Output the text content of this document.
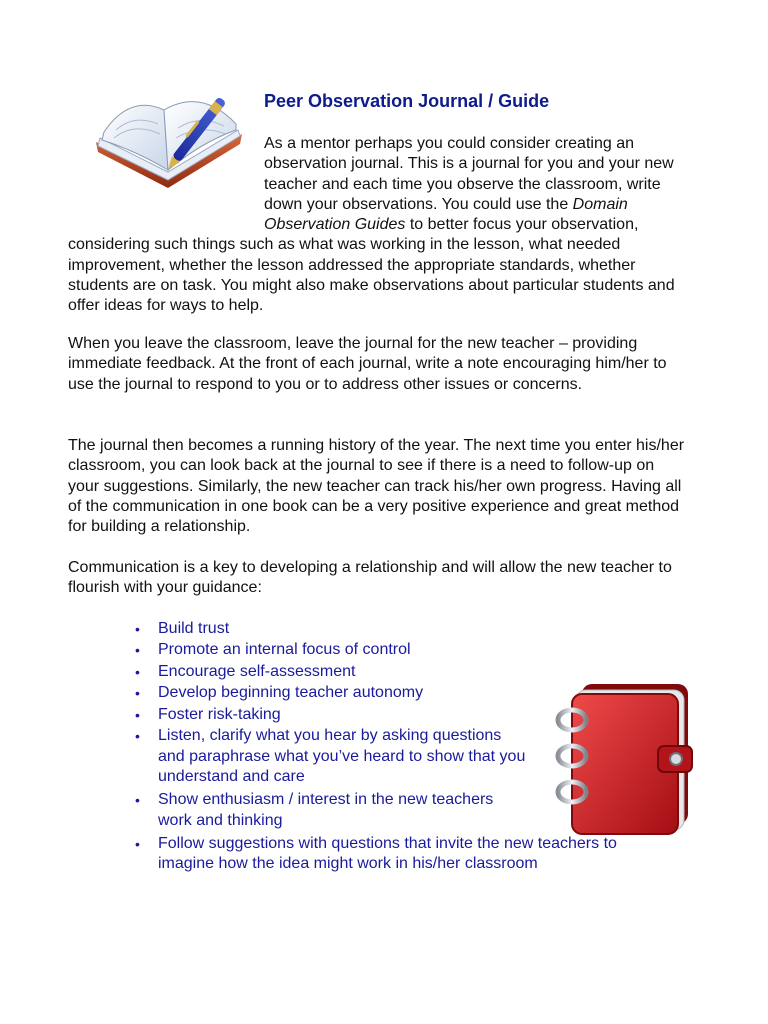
Peer Observation Journal / Guide

As a mentor perhaps you could consider creating an observation journal. This is a journal for you and your new teacher and each time you observe the classroom, write down your observations. You could use the Domain Observation Guides to better focus your observation, considering such things such as what was working in the lesson, what needed improvement, whether the lesson addressed the appropriate standards, whether students are on task. You might also make observations about particular students and offer ideas for ways to help.

When you leave the classroom, leave the journal for the new teacher – providing immediate feedback. At the front of each journal, write a note encouraging him/her to use the journal to respond to you or to address other issues or concerns.

The journal then becomes a running history of the year. The next time you enter his/her classroom, you can look back at the journal to see if there is a need to follow-up on your suggestions. Similarly, the new teacher can track his/her own progress. Having all of the communication in one book can be a very positive experience and great method for building a relationship.

Communication is a key to developing a relationship and will allow the new teacher to flourish with your guidance:

• Build trust
• Promote an internal focus of control
• Encourage self-assessment
• Develop beginning teacher autonomy
• Foster risk-taking
• Listen, clarify what you hear by asking questions and paraphrase what you’ve heard to show that you understand and care
• Show enthusiasm / interest in the new teachers work and thinking
• Follow suggestions with questions that invite the new teachers to imagine how the idea might work in his/her classroom
